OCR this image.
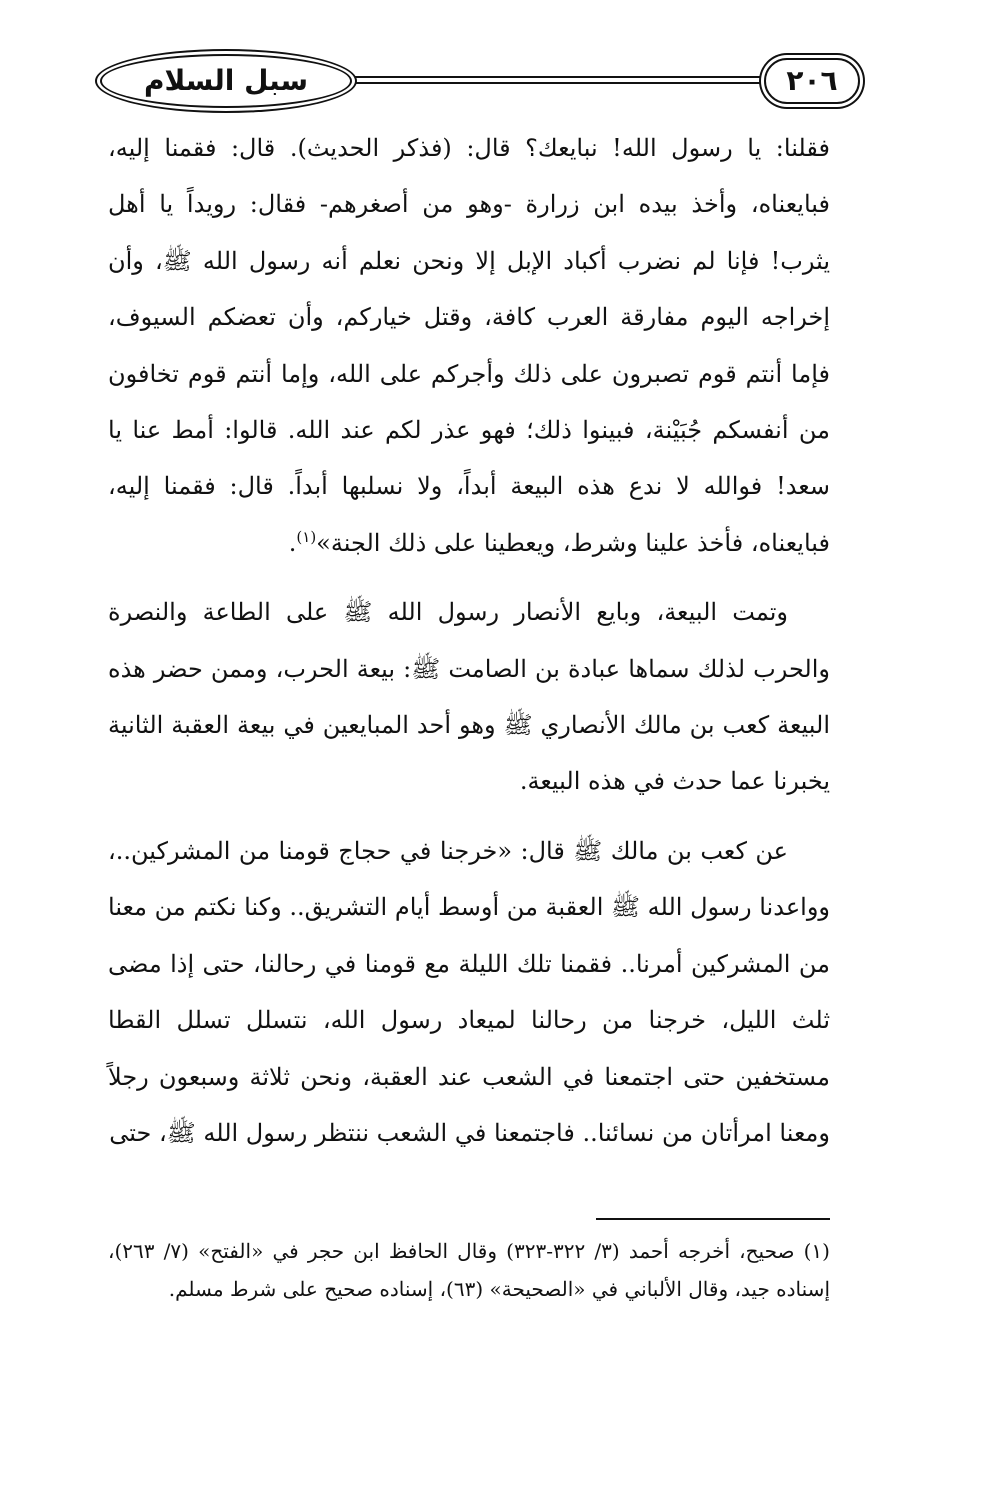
٢٠٦
سبل السلام

فقلنا: يا رسول الله! نبايعك؟ قال: (فذكر الحديث). قال: فقمنا إليه، فبايعناه، وأخذ بيده ابن زرارة -وهو من أصغرهم- فقال: رويداً يا أهل يثرب! فإنا لم نضرب أكباد الإبل إلا ونحن نعلم أنه رسول الله ﷺ، وأن إخراجه اليوم مفارقة العرب كافة، وقتل خياركم، وأن تعضكم السيوف، فإما أنتم قوم تصبرون على ذلك وأجركم على الله، وإما أنتم قوم تخافون من أنفسكم جُبَيْنة، فبينوا ذلك؛ فهو عذر لكم عند الله. قالوا: أمط عنا يا سعد! فوالله لا ندع هذه البيعة أبداً، ولا نسلبها أبداً. قال: فقمنا إليه، فبايعناه، فأخذ علينا وشرط، ويعطينا على ذلك الجنة»$^{(١)}$.

وتمت البيعة، وبايع الأنصار رسول الله ﷺ على الطاعة والنصرة والحرب لذلك سماها عبادة بن الصامت ﷺ: بيعة الحرب، وممن حضر هذه البيعة كعب بن مالك الأنصاري ﷺ وهو أحد المبايعين في بيعة العقبة الثانية يخبرنا عما حدث في هذه البيعة.

عن كعب بن مالك ﷺ قال: «خرجنا في حجاج قومنا من المشركين..، وواعدنا رسول الله ﷺ العقبة من أوسط أيام التشريق.. وكنا نكتم من معنا من المشركين أمرنا.. فقمنا تلك الليلة مع قومنا في رحالنا، حتى إذا مضى ثلث الليل، خرجنا من رحالنا لميعاد رسول الله، نتسلل تسلل القطا مستخفين حتى اجتمعنا في الشعب عند العقبة، ونحن ثلاثة وسبعون رجلاً ومعنا امرأتان من نسائنا.. فاجتمعنا في الشعب ننتظر رسول الله ﷺ، حتى

(١) صحيح، أخرجه أحمد (٣/ ٣٢٢-٣٢٣) وقال الحافظ ابن حجر في «الفتح» (٧/ ٢٦٣)، إسناده جيد، وقال الألباني في «الصحيحة» (٦٣)، إسناده صحيح على شرط مسلم.
